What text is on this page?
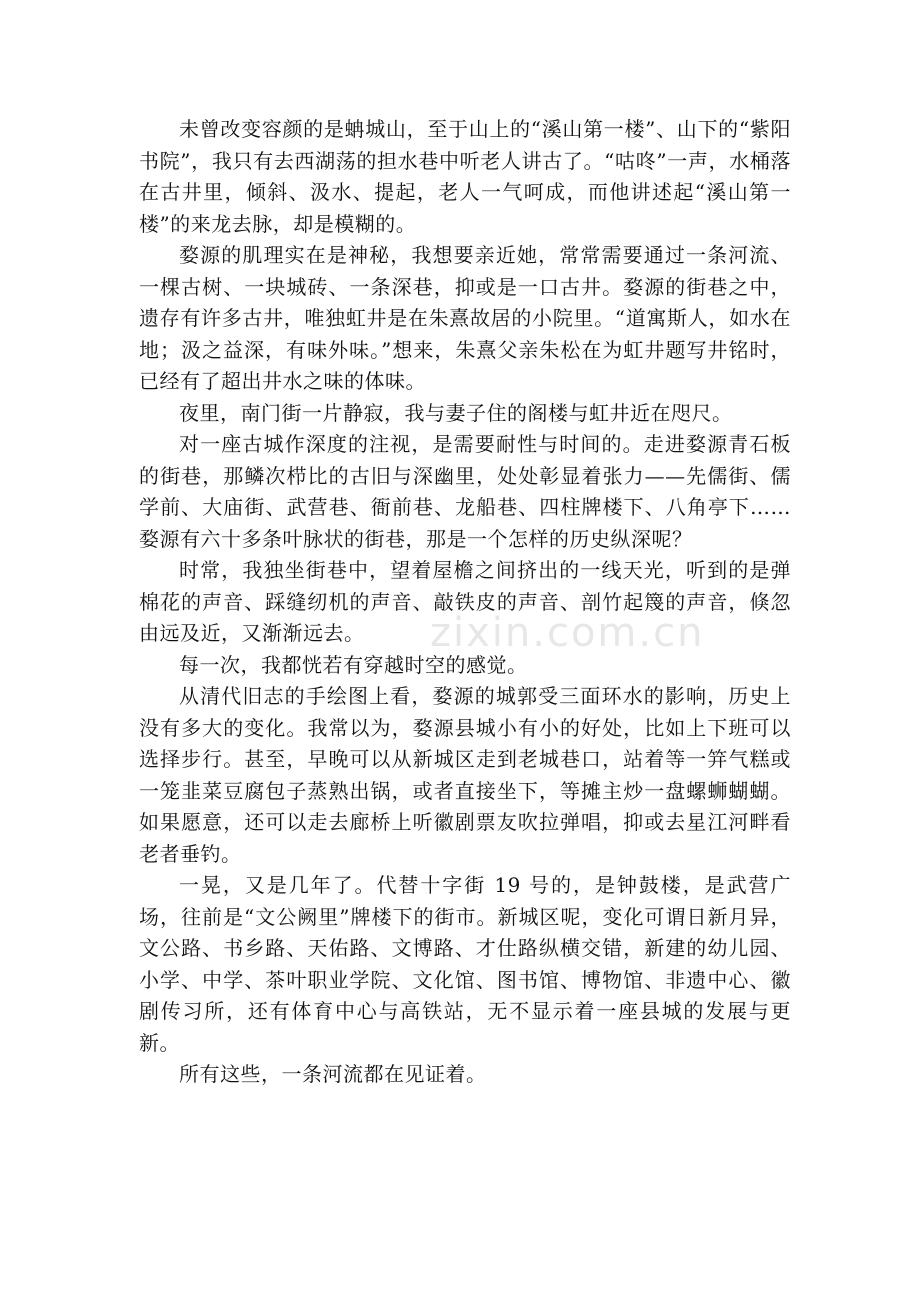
未曾改变容颜的是蚺城山，至于山上的“溪山第一楼”、山下的“紫阳书院”，我只有去西湖荡的担水巷中听老人讲古了。“咕咚”一声，水桶落在古井里，倾斜、汲水、提起，老人一气呵成，而他讲述起“溪山第一楼”的来龙去脉，却是模糊的。

婺源的肌理实在是神秘，我想要亲近她，常常需要通过一条河流、一棵古树、一块城砖、一条深巷，抑或是一口古井。婺源的街巷之中，遗存有许多古井，唯独虹井是在朱熹故居的小院里。“道寓斯人，如水在地；汲之益深，有味外味。”想来，朱熹父亲朱松在为虹井题写井铭时，已经有了超出井水之味的体味。

夜里，南门街一片静寂，我与妻子住的阁楼与虹井近在咫尺。

对一座古城作深度的注视，是需要耐性与时间的。走进婺源青石板的街巷，那鳞次栉比的古旧与深幽里，处处彰显着张力——先儒街、儒学前、大庙街、武营巷、衙前巷、龙船巷、四柱牌楼下、八角亭下……婺源有六十多条叶脉状的街巷，那是一个怎样的历史纵深呢？

时常，我独坐街巷中，望着屋檐之间挤出的一线天光，听到的是弹棉花的声音、踩缝纫机的声音、敲铁皮的声音、剖竹起篾的声音，倏忽由远及近，又渐渐远去。

每一次，我都恍若有穿越时空的感觉。

从清代旧志的手绘图上看，婺源的城郭受三面环水的影响，历史上没有多大的变化。我常以为，婺源县城小有小的好处，比如上下班可以选择步行。甚至，早晚可以从新城区走到老城巷口，站着等一笄气糕或一笼韭菜豆腐包子蒸熟出锅，或者直接坐下，等摊主炒一盘螺蛳蝴蝴。如果愿意，还可以走去廊桥上听徽剧票友吹拉弹唱，抑或去星江河畔看老者垂钓。

一晃，又是几年了。代替十字街 19 号的，是钟鼓楼，是武营广场，往前是“文公阙里”牌楼下的街市。新城区呢，变化可谓日新月异，文公路、书乡路、天佑路、文博路、才仕路纵横交错，新建的幼儿园、小学、中学、茶叶职业学院、文化馆、图书馆、博物馆、非遗中心、徽剧传习所，还有体育中心与高铁站，无不显示着一座县城的发展与更新。

所有这些，一条河流都在见证着。

zixin.com.cn
